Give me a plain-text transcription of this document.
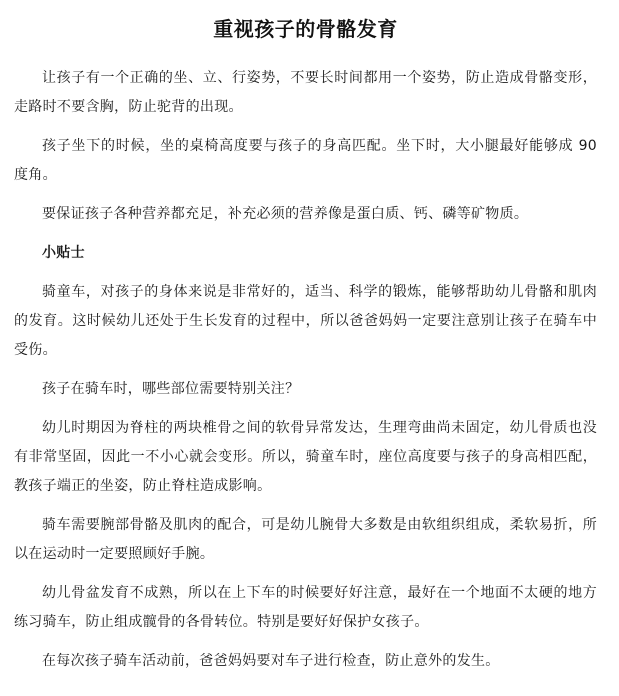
重视孩子的骨骼发育

让孩子有一个正确的坐、立、行姿势，不要长时间都用一个姿势，防止造成骨骼变形，走路时不要含胸，防止驼背的出现。

孩子坐下的时候，坐的桌椅高度要与孩子的身高匹配。坐下时，大小腿最好能够成 90 度角。

要保证孩子各种营养都充足，补充必须的营养像是蛋白质、钙、磷等矿物质。

小贴士

骑童车，对孩子的身体来说是非常好的，适当、科学的锻炼，能够帮助幼儿骨骼和肌肉的发育。这时候幼儿还处于生长发育的过程中，所以爸爸妈妈一定要注意别让孩子在骑车中受伤。

孩子在骑车时，哪些部位需要特别关注？

幼儿时期因为脊柱的两块椎骨之间的软骨异常发达，生理弯曲尚未固定，幼儿骨质也没有非常坚固，因此一不小心就会变形。所以，骑童车时，座位高度要与孩子的身高相匹配，教孩子端正的坐姿，防止脊柱造成影响。

骑车需要腕部骨骼及肌肉的配合，可是幼儿腕骨大多数是由软组织组成，柔软易折，所以在运动时一定要照顾好手腕。

幼儿骨盆发育不成熟，所以在上下车的时候要好好注意，最好在一个地面不太硬的地方练习骑车，防止组成髋骨的各骨转位。特别是要好好保护女孩子。

在每次孩子骑车活动前，爸爸妈妈要对车子进行检查，防止意外的发生。
